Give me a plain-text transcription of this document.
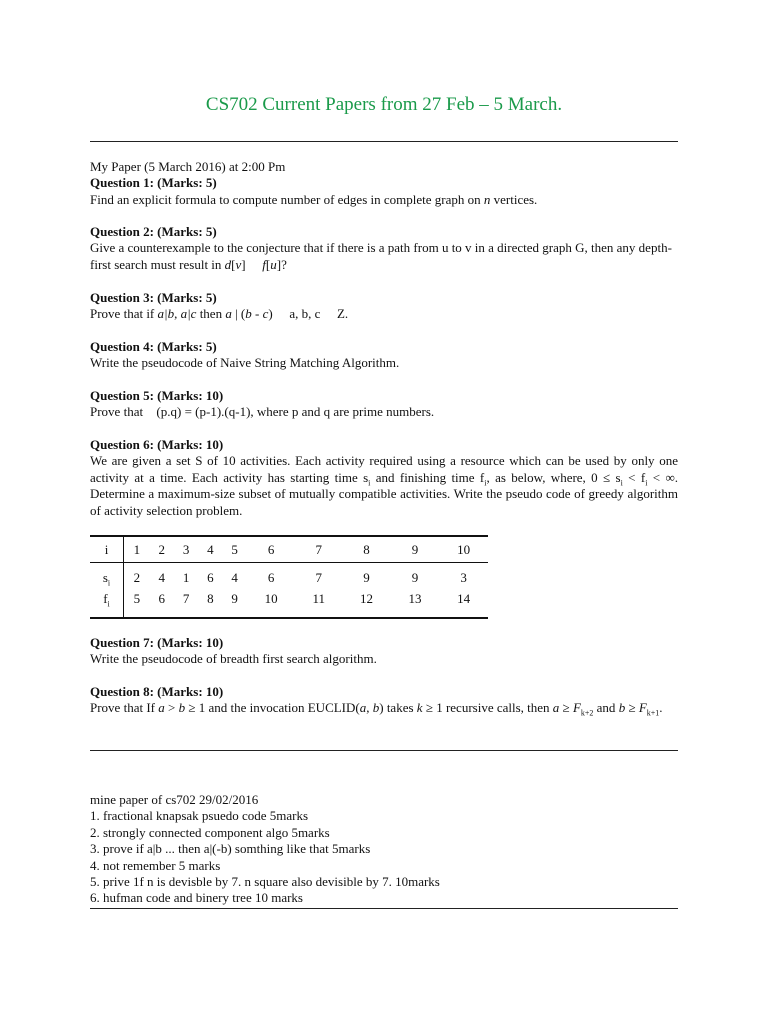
CS702 Current Papers from 27 Feb – 5 March.

My Paper (5 March 2016) at 2:00 Pm

Question 1: (Marks: 5)

Find an explicit formula to compute number of edges in complete graph on n vertices.

Question 2: (Marks: 5)

Give a counterexample to the conjecture that if there is a path from u to v in a directed graph G, then any depth-first search must result in d[v] f[u]?

Question 3: (Marks: 5)

Prove that if a|b, a|c then a | (b - c) a, b, c Z.

Question 4: (Marks: 5)

Write the pseudocode of Naive String Matching Algorithm.

Question 5: (Marks: 10)

Prove that (p.q) = (p-1).(q-1), where p and q are prime numbers.

Question 6: (Marks: 10)

We are given a set S of 10 activities. Each activity required using a resource which can be used by only one activity at a time. Each activity has starting time $s_i$ and finishing time $f_i$, as below, where, $0 \le s_i < f_i$ < ∞. Determine a maximum-size subset of mutually compatible activities. Write the pseudo code of greedy algorithm of activity selection problem.

i	1	2	3	4	5	6	7	8	9	10
$s_i$	2	4	1	6	4	6	7	9	9	3
$f_i$	5	6	7	8	9	10	11	12	13	14

Question 7: (Marks: 10)

Write the pseudocode of breadth first search algorithm.

Question 8: (Marks: 10)

Prove that If a > b ≥ 1 and the invocation EUCLID(a, b) takes k ≥ 1 recursive calls, then $a \ge F_{k+2}$ and $b \ge F_{k+1}$.

mine paper of cs702 29/02/2016

1. fractional knapsak psuedo code 5marks

2. strongly connected component algo 5marks

3. prove if a|b ... then a|(-b) somthing like that 5marks

4. not remember 5 marks

5. prive 1f n is devisble by 7. n square also devisible by 7. 10marks

6. hufman code and binery tree 10 marks
